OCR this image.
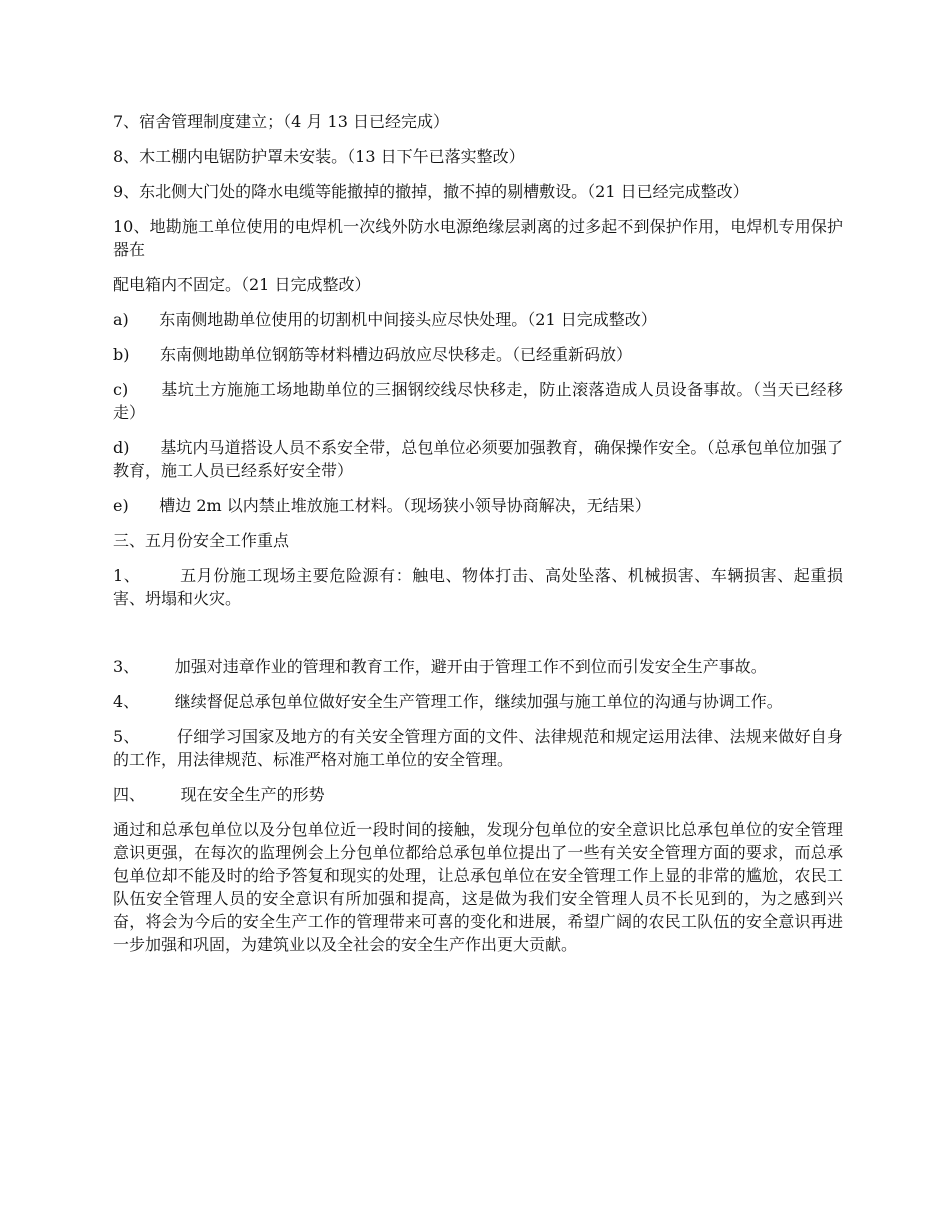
7、宿舍管理制度建立；（4 月 13 日已经完成）

8、木工棚内电锯防护罩未安装。（13 日下午已落实整改）

9、东北侧大门处的降水电缆等能撤掉的撤掉，撤不掉的剔槽敷设。（21 日已经完成整改）

10、地勘施工单位使用的电焊机一次线外防水电源绝缘层剥离的过多起不到保护作用，电焊机专用保护器在

配电箱内不固定。（21 日完成整改）

a)      东南侧地勘单位使用的切割机中间接头应尽快处理。（21 日完成整改）

b)      东南侧地勘单位钢筋等材料槽边码放应尽快移走。（已经重新码放）

c)      基坑土方施施工场地勘单位的三捆钢绞线尽快移走，防止滚落造成人员设备事故。（当天已经移走）

d)      基坑内马道搭设人员不系安全带，总包单位必须要加强教育，确保操作安全。（总承包单位加强了教育，施工人员已经系好安全带）

e)      槽边 2m 以内禁止堆放施工材料。（现场狭小领导协商解决，无结果）

三、五月份安全工作重点

1、       五月份施工现场主要危险源有：触电、物体打击、高处坠落、机械损害、车辆损害、起重损害、坍塌和火灾。

3、       加强对违章作业的管理和教育工作，避开由于管理工作不到位而引发安全生产事故。

4、       继续督促总承包单位做好安全生产管理工作，继续加强与施工单位的沟通与协调工作。

5、       仔细学习国家及地方的有关安全管理方面的文件、法律规范和规定运用法律、法规来做好自身的工作，用法律规范、标准严格对施工单位的安全管理。

四、       现在安全生产的形势

通过和总承包单位以及分包单位近一段时间的接触，发现分包单位的安全意识比总承包单位的安全管理意识更强，在每次的监理例会上分包单位都给总承包单位提出了一些有关安全管理方面的要求，而总承包单位却不能及时的给予答复和现实的处理，让总承包单位在安全管理工作上显的非常的尴尬，农民工队伍安全管理人员的安全意识有所加强和提高，这是做为我们安全管理人员不长见到的，为之感到兴奋，将会为今后的安全生产工作的管理带来可喜的变化和进展，希望广阔的农民工队伍的安全意识再进一步加强和巩固，为建筑业以及全社会的安全生产作出更大贡献。
